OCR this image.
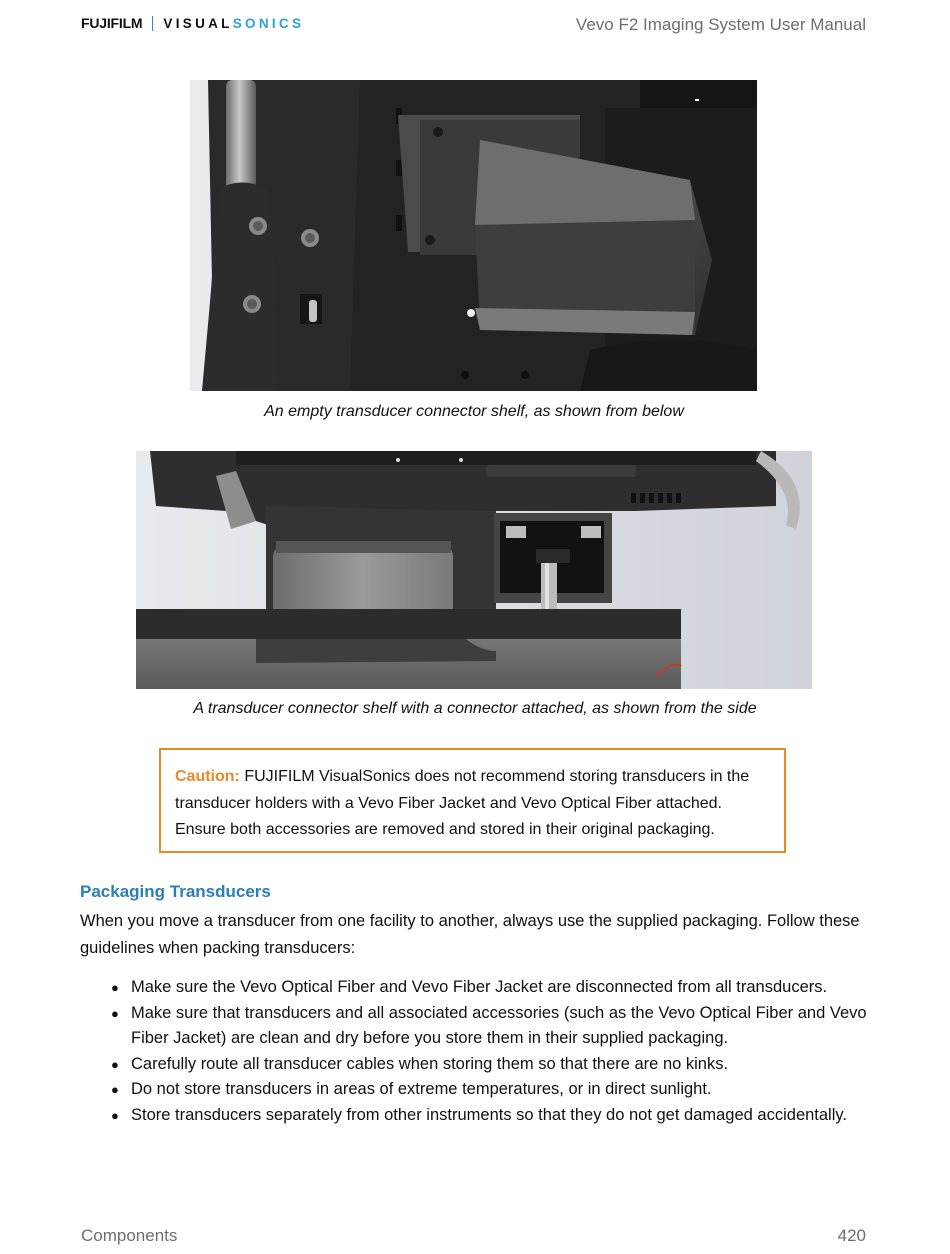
FUJIFILM VISUAL SONICS	Vevo F2 Imaging System User Manual
An empty transducer connector shelf, as shown from below
A transducer connector shelf with a connector attached, as shown from the side
Caution: FUJIFILM VisualSonics does not recommend storing transducers in the transducer holders with a Vevo Fiber Jacket and Vevo Optical Fiber attached. Ensure both accessories are removed and stored in their original packaging.
Packaging Transducers
When you move a transducer from one facility to another, always use the supplied packaging. Follow these guidelines when packing transducers:
● Make sure the Vevo Optical Fiber and Vevo Fiber Jacket are disconnected from all transducers.
● Make sure that transducers and all associated accessories (such as the Vevo Optical Fiber and Vevo Fiber Jacket) are clean and dry before you store them in their supplied packaging.
● Carefully route all transducer cables when storing them so that there are no kinks.
● Do not store transducers in areas of extreme temperatures, or in direct sunlight.
● Store transducers separately from other instruments so that they do not get damaged accidentally.
Components	420
